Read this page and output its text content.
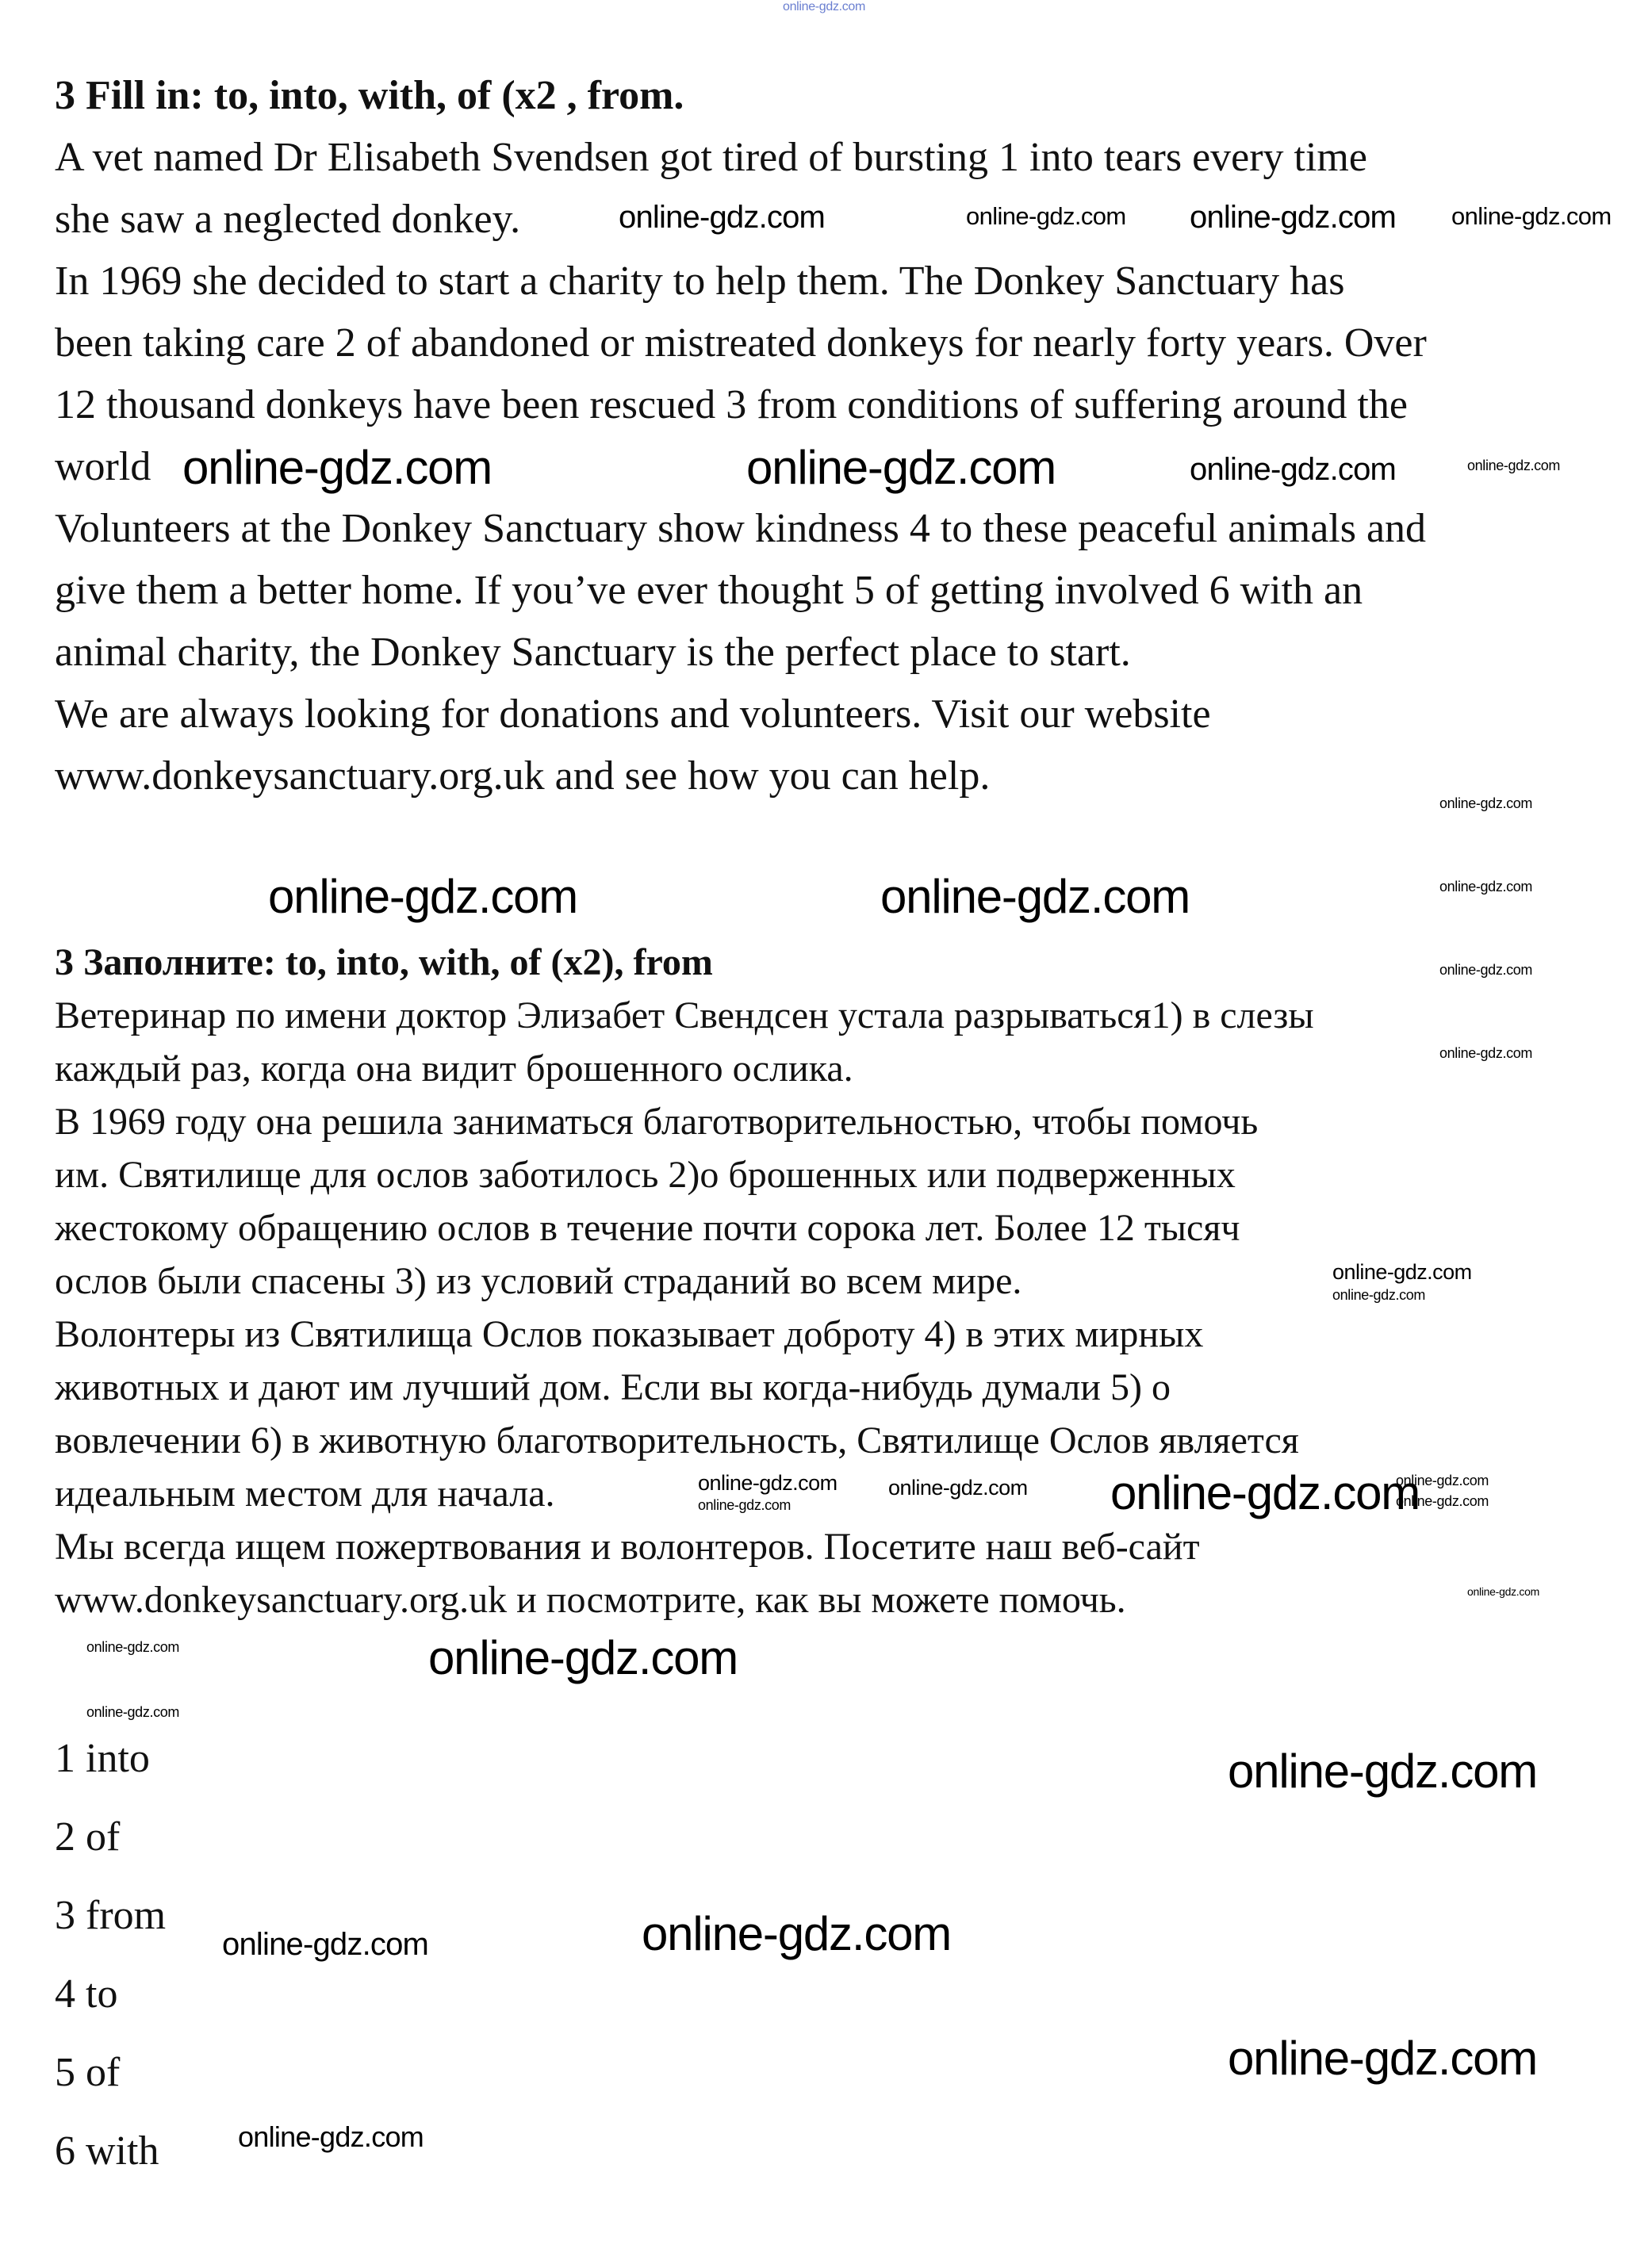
3 Fill in: to, into, with, of (x2 , from.
A vet named Dr Elisabeth Svendsen got tired of bursting 1 into tears every time
she saw a neglected donkey.
In 1969 she decided to start a charity to help them. The Donkey Sanctuary has
been taking care 2 of abandoned or mistreated donkeys for nearly forty years. Over
12 thousand donkeys have been rescued 3 from conditions of suffering around the
world
Volunteers at the Donkey Sanctuary show kindness 4 to these peaceful animals and
give them a better home. If you’ve ever thought 5 of getting involved 6 with an
animal charity, the Donkey Sanctuary is the perfect place to start.
We are always looking for donations and volunteers. Visit our website
www.donkeysanctuary.org.uk and see how you can help.
3 Заполните: to, into, with, of (x2), from
Ветеринар по имени доктор Элизабет Свендсен устала разрываться1) в слезы
каждый раз, когда она видит брошенного ослика.
В 1969 году она решила заниматься благотворительностью, чтобы помочь
им. Святилище для ослов заботилось 2)о брошенных или подверженных
жестокому обращению ослов в течение почти сорока лет. Более 12 тысяч
ослов были спасены 3) из условий страданий во всем мире.
Волонтеры из Святилища Ослов показывает доброту 4) в этих мирных
животных и дают им лучший дом. Если вы когда-нибудь думали 5) о
вовлечении 6) в животную благотворительность, Святилище Ослов является
идеальным местом для начала.
Мы всегда ищем пожертвования и волонтеров. Посетите наш веб-сайт
www.donkeysanctuary.org.uk и посмотрите, как вы можете помочь.
1 into
2 of
3 from
4 to
5 of
6 with
online-gdz.com
online-gdz.com	online-gdz.com online-gdz.com online-gdz.com
online-gdz.com	online-gdz.com	online-gdz.com	online-gdz.com
online-gdz.com
online-gdz.com
online-gdz.com	online-gdz.com
online-gdz.com
online-gdz.com
online-gdz.com
online-gdz.com
online-gdz.com
online-gdz.com
online-gdz.com
online-gdz.com
online-gdz.com online-gdz.com
online-gdz.com
online-gdz.com	online-gdz.com
online-gdz.com
online-gdz.com
online-gdz.com	online-gdz.com
online-gdz.com
online-gdz.com
